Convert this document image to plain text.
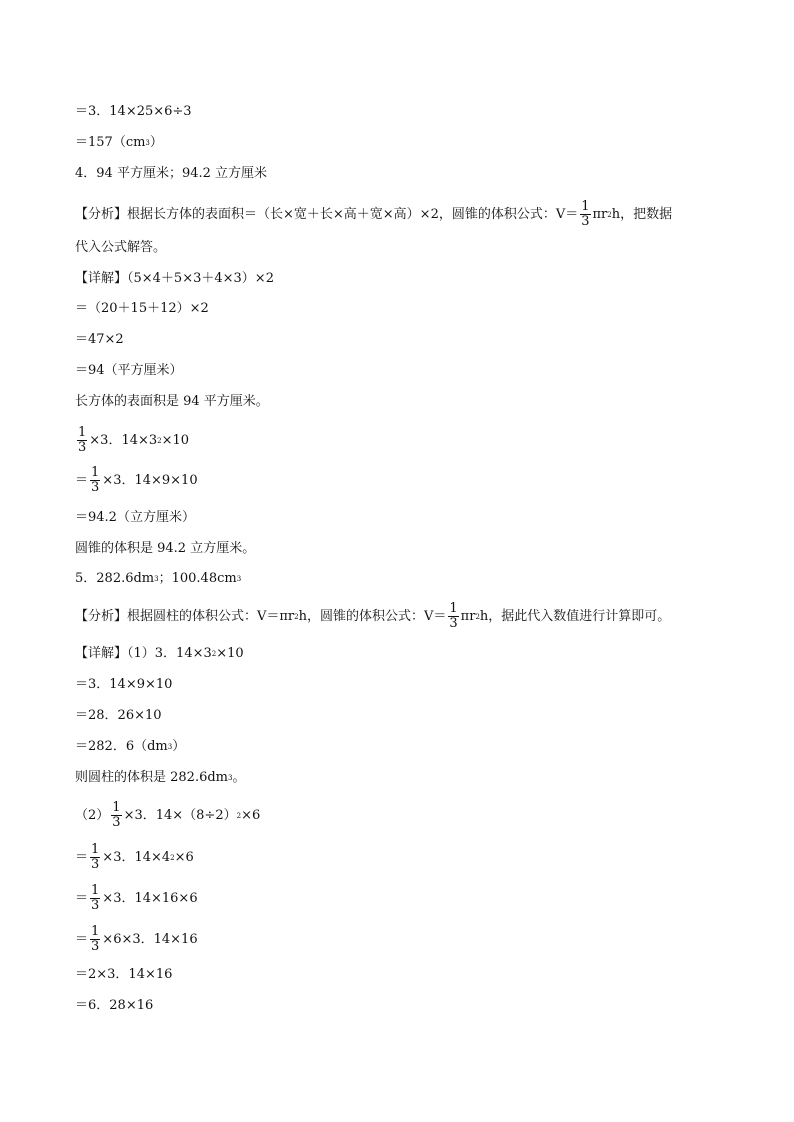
＝3．14×25×6÷3
＝157（cm 3 ）
4．94 平方厘米；94.2 立方厘米
【分析】根据长方体的表面积＝（长×宽＋长×高＋宽×高）×2，圆锥的体积公式：$V= \frac{1}{3}$ πr 2 h，把数据
代入公式解答。
【详解】（5×4＋5×3＋4×3）×2
＝（20＋15＋12）×2
＝47×2
＝94（平方厘米）
长方体的表面积是 94 平方厘米。
$\frac{1}{3} \times 3$．14×3 2 ×10
＝ $\frac{1}{3} \times 3$．14×9×10
＝94.2（立方厘米）
圆锥的体积是 94.2 立方厘米。
5．282.6dm 3 ；100.48cm 3
【分析】根据圆柱的体积公式：V＝πr 2 h，圆锥的体积公式：$V= \frac{1}{3}$ πr 2 h，据此代入数值进行计算即可。
【详解】（1）3．14×3 2 ×10
＝3．14×9×10
＝28．26×10
＝282．6（dm 3 ）
则圆柱的体积是 282.6dm 3 。
$(2) \frac{1}{3} \times 3$．14×（8÷2） 2 ×6
＝ $\frac{1}{3} \times 3$．14×4 2 ×6
＝ $\frac{1}{3} \times 3$．14×16×6
＝ $\frac{1}{3} \times 6\times 3$．14×16
＝2×3．14×16
＝6．28×16
